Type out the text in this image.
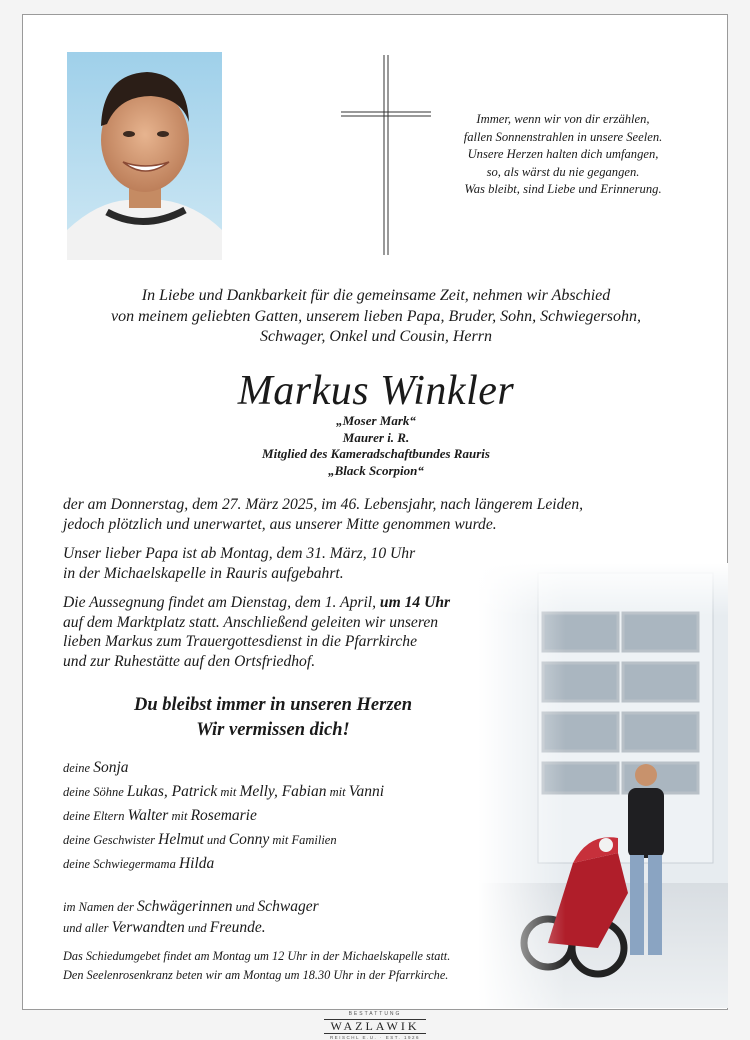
Immer, wenn wir von dir erzählen,
fallen Sonnenstrahlen in unsere Seelen.
Unsere Herzen halten dich umfangen,
so, als wärst du nie gegangen.
Was bleibt, sind Liebe und Erinnerung.
In Liebe und Dankbarkeit für die gemeinsame Zeit, nehmen wir Abschied
von meinem geliebten Gatten, unserem lieben Papa, Bruder, Sohn, Schwiegersohn,
Schwager, Onkel und Cousin, Herrn
Markus Winkler
„Moser Mark“
Maurer i. R.
Mitglied des Kameradschaftbundes Rauris
„Black Scorpion“
der am Donnerstag, dem 27. März 2025, im 46. Lebensjahr, nach längerem Leiden,
jedoch plötzlich und unerwartet, aus unserer Mitte genommen wurde.
Unser lieber Papa ist ab Montag, dem 31. März, 10 Uhr
in der Michaelskapelle in Rauris aufgebahrt.
Die Aussegnung findet am Dienstag, dem 1. April, um 14 Uhr
auf dem Marktplatz statt. Anschließend geleiten wir unseren
lieben Markus zum Trauergottesdienst in die Pfarrkirche
und zur Ruhestätte auf den Ortsfriedhof.
Du bleibst immer in unseren Herzen
Wir vermissen dich!
deine Sonja
deine Söhne Lukas, Patrick mit Melly, Fabian mit Vanni
deine Eltern Walter mit Rosemarie
deine Geschwister Helmut und Conny mit Familien
deine Schwiegermama Hilda
im Namen der Schwägerinnen und Schwager
und aller Verwandten und Freunde.
Das Schiedumgebet findet am Montag um 12 Uhr in der Michaelskapelle statt.
Den Seelenrosenkranz beten wir am Montag um 18.30 Uhr in der Pfarrkirche.
BESTATTUNG
WAZLAWIK
REISCHL E.U. · EST. 1926
